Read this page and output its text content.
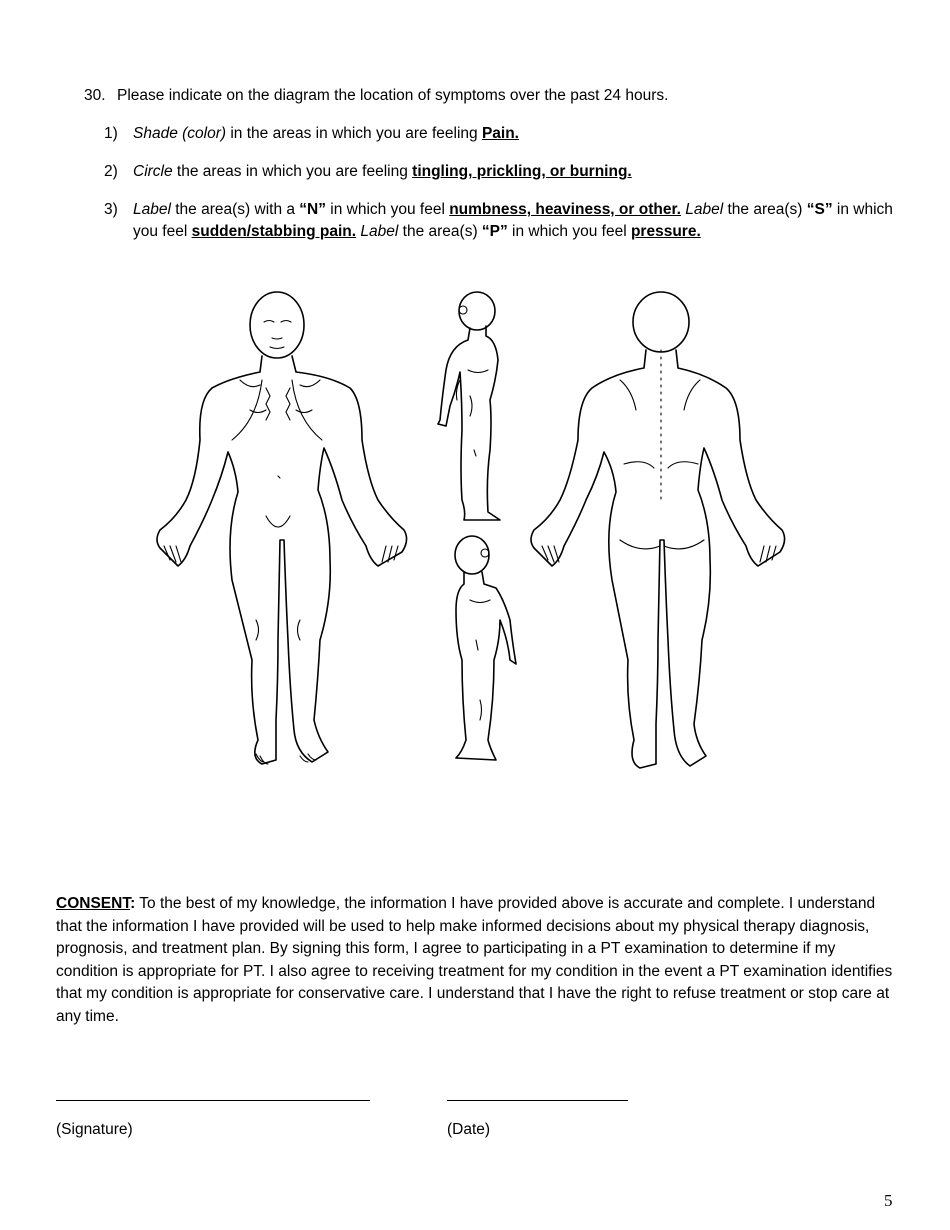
30. Please indicate on the diagram the location of symptoms over the past 24 hours.
1) Shade (color) in the areas in which you are feeling Pain.
2) Circle the areas in which you are feeling tingling, prickling, or burning.
3) Label the area(s) with a “N” in which you feel numbness, heaviness, or other. Label the area(s) “S” in which you feel sudden/stabbing pain. Label the area(s) “P” in which you feel pressure.
CONSENT: To the best of my knowledge, the information I have provided above is accurate and complete. I understand that the information I have provided will be used to help make informed decisions about my physical therapy diagnosis, prognosis, and treatment plan. By signing this form, I agree to participating in a PT examination to determine if my condition is appropriate for PT. I also agree to receiving treatment for my condition in the event a PT examination identifies that my condition is appropriate for conservative care. I understand that I have the right to refuse treatment or stop care at any time.
(Signature)	(Date)
5
